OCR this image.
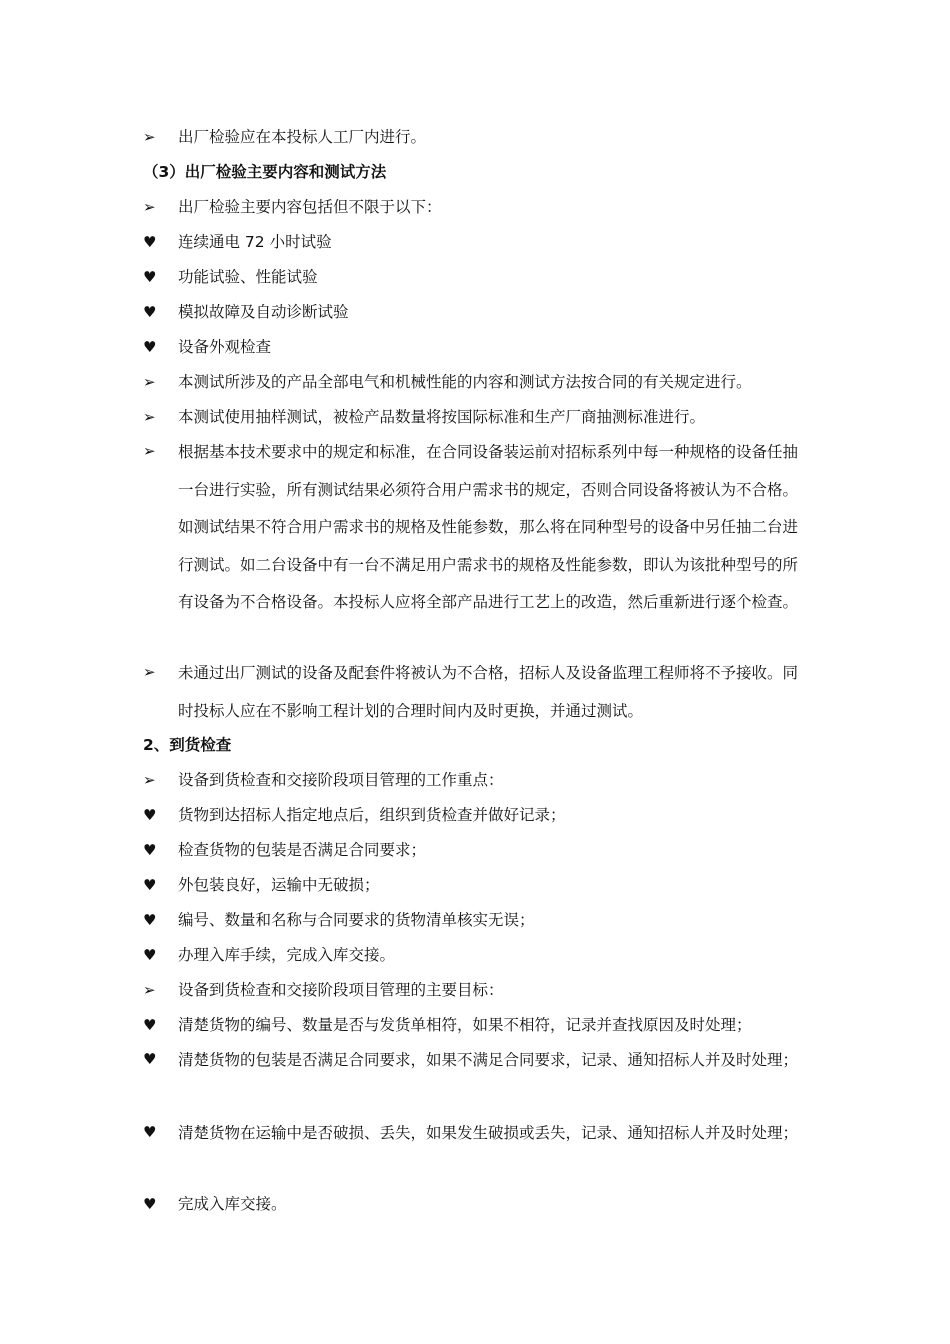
➢	出厂检验应在本投标人工厂内进行。
（3）出厂检验主要内容和测试方法
➢	出厂检验主要内容包括但不限于以下：
♥	连续通电 72 小时试验
♥	功能试验、性能试验
♥	模拟故障及自动诊断试验
♥	设备外观检查
➢	本测试所涉及的产品全部电气和机械性能的内容和测试方法按合同的有关规定进行。
➢	本测试使用抽样测试，被检产品数量将按国际标准和生产厂商抽测标准进行。
➢	根据基本技术要求中的规定和标准，在合同设备装运前对招标系列中每一种规格的设备任抽一台进行实验，所有测试结果必须符合用户需求书的规定，否则合同设备将被认为不合格。如测试结果不符合用户需求书的规格及性能参数，那么将在同种型号的设备中另任抽二台进行测试。如二台设备中有一台不满足用户需求书的规格及性能参数，即认为该批种型号的所有设备为不合格设备。本投标人应将全部产品进行工艺上的改造，然后重新进行逐个检查。
➢	未通过出厂测试的设备及配套件将被认为不合格，招标人及设备监理工程师将不予接收。同时投标人应在不影响工程计划的合理时间内及时更换，并通过测试。
2、到货检查
➢	设备到货检查和交接阶段项目管理的工作重点：
♥	货物到达招标人指定地点后，组织到货检查并做好记录；
♥	检查货物的包装是否满足合同要求；
♥	外包装良好，运输中无破损；
♥	编号、数量和名称与合同要求的货物清单核实无误；
♥	办理入库手续，完成入库交接。
➢	设备到货检查和交接阶段项目管理的主要目标：
♥	清楚货物的编号、数量是否与发货单相符，如果不相符，记录并查找原因及时处理；
♥	清楚货物的包装是否满足合同要求，如果不满足合同要求，记录、通知招标人并及时处理；
♥	清楚货物在运输中是否破损、丢失，如果发生破损或丢失，记录、通知招标人并及时处理；
♥	完成入库交接。
